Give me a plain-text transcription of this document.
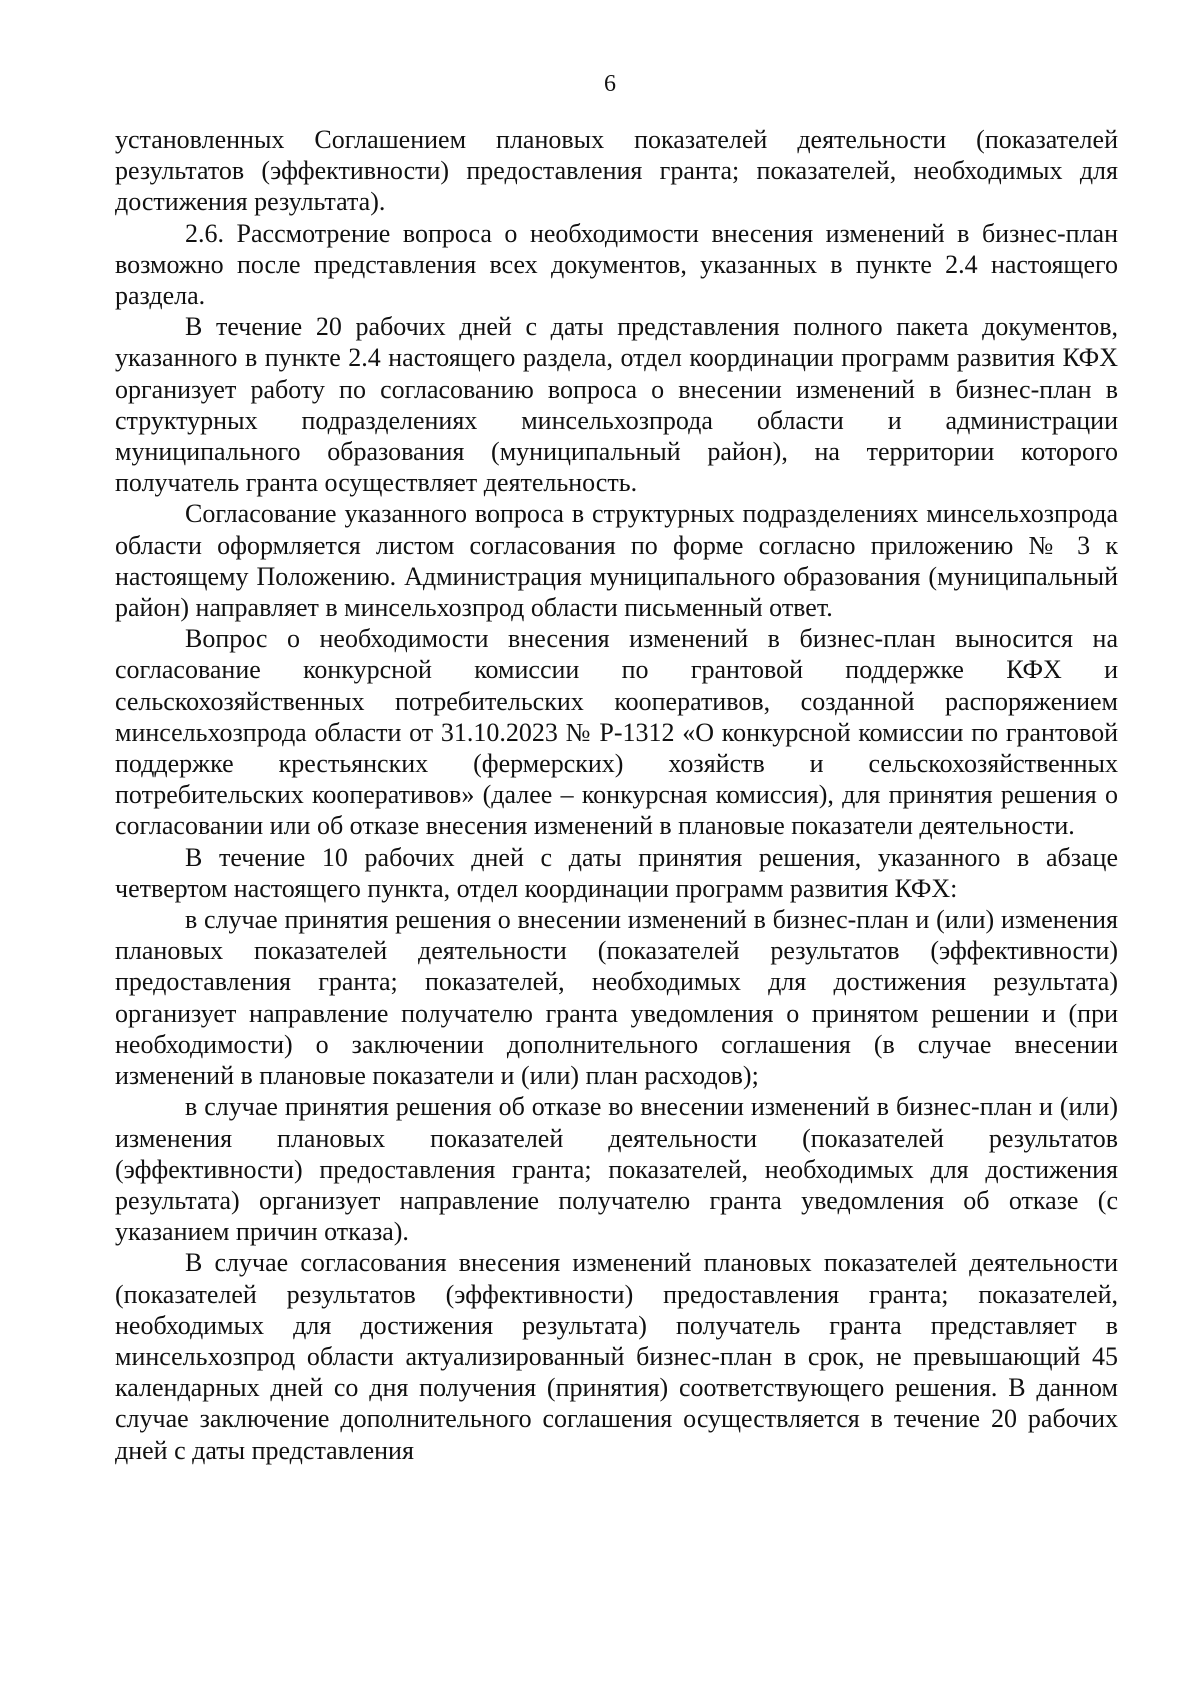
6

установленных Соглашением плановых показателей деятельности (показателей результатов (эффективности) предоставления гранта; показателей, необходимых для достижения результата).

2.6. Рассмотрение вопроса о необходимости внесения изменений в бизнес-план возможно после представления всех документов, указанных в пункте 2.4 настоящего раздела.

В течение 20 рабочих дней с даты представления полного пакета документов, указанного в пункте 2.4 настоящего раздела, отдел координации программ развития КФХ организует работу по согласованию вопроса о внесении изменений в бизнес-план в структурных подразделениях минсельхозпрода области и администрации муниципального образования (муниципальный район), на территории которого получатель гранта осуществляет деятельность.

Согласование указанного вопроса в структурных подразделениях минсельхозпрода области оформляется листом согласования по форме согласно приложению № 3 к настоящему Положению. Администрация муниципального образования (муниципальный район) направляет в минсельхозпрод области письменный ответ.

Вопрос о необходимости внесения изменений в бизнес-план выносится на согласование конкурсной комиссии по грантовой поддержке КФХ и сельскохозяйственных потребительских кооперативов, созданной распоряжением минсельхозпрода области от 31.10.2023 № Р-1312 «О конкурсной комиссии по грантовой поддержке крестьянских (фермерских) хозяйств и сельскохозяйственных потребительских кооперативов» (далее – конкурсная комиссия), для принятия решения о согласовании или об отказе внесения изменений в плановые показатели деятельности.

В течение 10 рабочих дней с даты принятия решения, указанного в абзаце четвертом настоящего пункта, отдел координации программ развития КФХ:

в случае принятия решения о внесении изменений в бизнес-план и (или) изменения плановых показателей деятельности (показателей результатов (эффективности) предоставления гранта; показателей, необходимых для достижения результата) организует направление получателю гранта уведомления о принятом решении и (при необходимости) о заключении дополнительного соглашения (в случае внесении изменений в плановые показатели и (или) план расходов);

в случае принятия решения об отказе во внесении изменений в бизнес-план и (или) изменения плановых показателей деятельности (показателей результатов (эффективности) предоставления гранта; показателей, необходимых для достижения результата) организует направление получателю гранта уведомления об отказе (с указанием причин отказа).

В случае согласования внесения изменений плановых показателей деятельности (показателей результатов (эффективности) предоставления гранта; показателей, необходимых для достижения результата) получатель гранта представляет в минсельхозпрод области актуализированный бизнес-план в срок, не превышающий 45 календарных дней со дня получения (принятия) соответствующего решения. В данном случае заключение дополнительного соглашения осуществляется в течение 20 рабочих дней с даты представления
